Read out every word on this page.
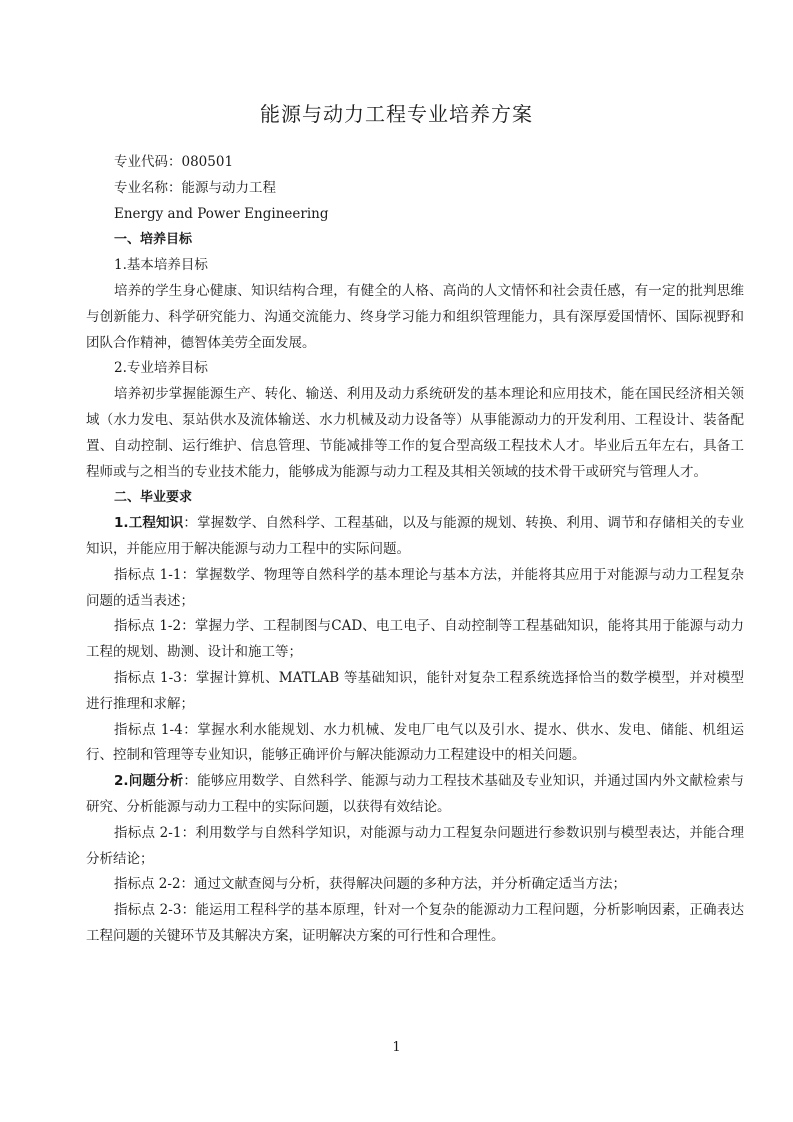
能源与动力工程专业培养方案

专业代码：080501

专业名称：能源与动力工程

Energy and Power Engineering

一、培养目标

1.基本培养目标

培养的学生身心健康、知识结构合理，有健全的人格、高尚的人文情怀和社会责任感，有一定的批判思维与创新能力、科学研究能力、沟通交流能力、终身学习能力和组织管理能力，具有深厚爱国情怀、国际视野和团队合作精神，德智体美劳全面发展。

2.专业培养目标

培养初步掌握能源生产、转化、输送、利用及动力系统研发的基本理论和应用技术，能在国民经济相关领域（水力发电、泵站供水及流体输送、水力机械及动力设备等）从事能源动力的开发利用、工程设计、装备配置、自动控制、运行维护、信息管理、节能减排等工作的复合型高级工程技术人才。毕业后五年左右，具备工程师或与之相当的专业技术能力，能够成为能源与动力工程及其相关领域的技术骨干或研究与管理人才。

二、毕业要求

1.工程知识：掌握数学、自然科学、工程基础，以及与能源的规划、转换、利用、调节和存储相关的专业知识，并能应用于解决能源与动力工程中的实际问题。

指标点 1-1：掌握数学、物理等自然科学的基本理论与基本方法，并能将其应用于对能源与动力工程复杂问题的适当表述；

指标点 1-2：掌握力学、工程制图与CAD、电工电子、自动控制等工程基础知识，能将其用于能源与动力工程的规划、勘测、设计和施工等；

指标点 1-3：掌握计算机、MATLAB 等基础知识，能针对复杂工程系统选择恰当的数学模型，并对模型进行推理和求解；

指标点 1-4：掌握水利水能规划、水力机械、发电厂电气以及引水、提水、供水、发电、储能、机组运行、控制和管理等专业知识，能够正确评价与解决能源动力工程建设中的相关问题。

2.问题分析：能够应用数学、自然科学、能源与动力工程技术基础及专业知识，并通过国内外文献检索与研究、分析能源与动力工程中的实际问题，以获得有效结论。

指标点 2-1：利用数学与自然科学知识，对能源与动力工程复杂问题进行参数识别与模型表达，并能合理分析结论；

指标点 2-2：通过文献查阅与分析，获得解决问题的多种方法，并分析确定适当方法；

指标点 2-3：能运用工程科学的基本原理，针对一个复杂的能源动力工程问题，分析影响因素，正确表达工程问题的关键环节及其解决方案，证明解决方案的可行性和合理性。

1
